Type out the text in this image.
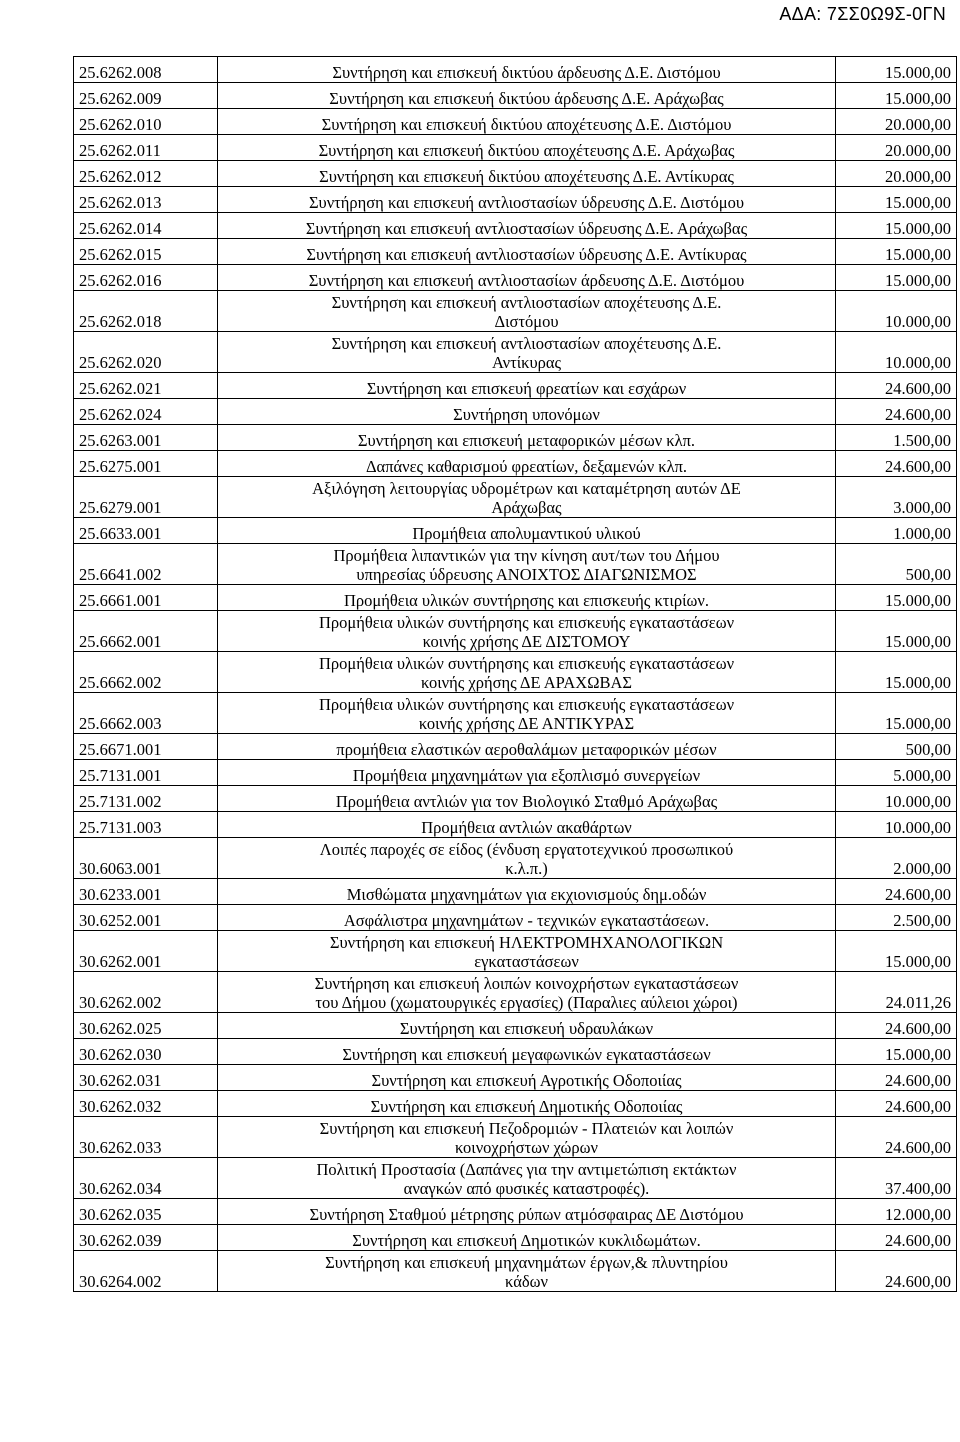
ΑΔΑ: 7ΣΣ0Ω9Σ-0ΓΝ
25.6262.008	Συντήρηση και επισκευή δικτύου άρδευσης Δ.Ε. Διστόμου	15.000,00
25.6262.009	Συντήρηση και επισκευή δικτύου άρδευσης Δ.Ε. Αράχωβας	15.000,00
25.6262.010	Συντήρηση και επισκευή δικτύου αποχέτευσης Δ.Ε. Διστόμου	20.000,00
25.6262.011	Συντήρηση και επισκευή δικτύου αποχέτευσης Δ.Ε. Αράχωβας	20.000,00
25.6262.012	Συντήρηση και επισκευή δικτύου αποχέτευσης Δ.Ε. Αντίκυρας	20.000,00
25.6262.013	Συντήρηση και επισκευή αντλιοστασίων ύδρευσης Δ.Ε. Διστόμου	15.000,00
25.6262.014	Συντήρηση και επισκευή αντλιοστασίων ύδρευσης Δ.Ε. Αράχωβας	15.000,00
25.6262.015	Συντήρηση και επισκευή αντλιοστασίων ύδρευσης Δ.Ε. Αντίκυρας	15.000,00
25.6262.016	Συντήρηση και επισκευή αντλιοστασίων άρδευσης Δ.Ε. Διστόμου	15.000,00
25.6262.018	Συντήρηση και επισκευή αντλιοστασίων αποχέτευσης Δ.Ε.
Διστόμου	10.000,00
25.6262.020	Συντήρηση και επισκευή αντλιοστασίων αποχέτευσης Δ.Ε.
Αντίκυρας	10.000,00
25.6262.021	Συντήρηση και επισκευή φρεατίων και εσχάρων	24.600,00
25.6262.024	Συντήρηση υπονόμων	24.600,00
25.6263.001	Συντήρηση και επισκευή μεταφορικών μέσων κλπ.	1.500,00
25.6275.001	Δαπάνες καθαρισμού φρεατίων, δεξαμενών κλπ.	24.600,00
25.6279.001	Αξιλόγηση λειτουργίας υδρομέτρων και καταμέτρηση αυτών ΔΕ
Αράχωβας	3.000,00
25.6633.001	Προμήθεια απολυμαντικού υλικού	1.000,00
25.6641.002	Προμήθεια λιπαντικών για την κίνηση αυτ/των του Δήμου
υπηρεσίας ύδρευσης ΑΝΟΙΧΤΟΣ ΔΙΑΓΩΝΙΣΜΟΣ	500,00
25.6661.001	Προμήθεια υλικών συντήρησης και επισκευής κτιρίων.	15.000,00
25.6662.001	Προμήθεια υλικών συντήρησης και επισκευής εγκαταστάσεων
κοινής χρήσης ΔΕ ΔΙΣΤΟΜΟΥ	15.000,00
25.6662.002	Προμήθεια υλικών συντήρησης και επισκευής εγκαταστάσεων
κοινής χρήσης ΔΕ ΑΡΑΧΩΒΑΣ	15.000,00
25.6662.003	Προμήθεια υλικών συντήρησης και επισκευής εγκαταστάσεων
κοινής χρήσης ΔΕ ΑΝΤΙΚΥΡΑΣ	15.000,00
25.6671.001	προμήθεια ελαστικών αεροθαλάμων μεταφορικών μέσων	500,00
25.7131.001	Προμήθεια μηχανημάτων για εξοπλισμό συνεργείων	5.000,00
25.7131.002	Προμήθεια αντλιών για τον Βιολογικό Σταθμό Αράχωβας	10.000,00
25.7131.003	Προμήθεια αντλιών ακαθάρτων	10.000,00
30.6063.001	Λοιπές παροχές σε είδος (ένδυση εργατοτεχνικού προσωπικού
κ.λ.π.)	2.000,00
30.6233.001	Μισθώματα μηχανημάτων για εκχιονισμούς δημ.οδών	24.600,00
30.6252.001	Ασφάλιστρα μηχανημάτων - τεχνικών εγκαταστάσεων.	2.500,00
30.6262.001	Συντήρηση και επισκευή ΗΛΕΚΤΡΟΜΗΧΑΝΟΛΟΓΙΚΩΝ
εγκαταστάσεων	15.000,00
30.6262.002	Συντήρηση και επισκευή λοιπών κοινοχρήστων εγκαταστάσεων
του Δήμου (χωματουργικές εργασίες) (Παραλιες αύλειοι χώροι)	24.011,26
30.6262.025	Συντήρηση και επισκευή υδραυλάκων	24.600,00
30.6262.030	Συντήρηση και επισκευή μεγαφωνικών εγκαταστάσεων	15.000,00
30.6262.031	Συντήρηση και επισκευή Αγροτικής Οδοποιίας	24.600,00
30.6262.032	Συντήρηση και επισκευή Δημοτικής Οδοποιίας	24.600,00
30.6262.033	Συντήρηση και επισκευή Πεζοδρομιών - Πλατειών και λοιπών
κοινοχρήστων χώρων	24.600,00
30.6262.034	Πολιτική Προστασία (Δαπάνες για την αντιμετώπιση εκτάκτων
αναγκών από φυσικές καταστροφές).	37.400,00
30.6262.035	Συντήρηση Σταθμού μέτρησης ρύπων ατμόσφαιρας ΔΕ Διστόμου	12.000,00
30.6262.039	Συντήρηση και επισκευή Δημοτικών κυκλιδωμάτων.	24.600,00
30.6264.002	Συντήρηση και επισκευή μηχανημάτων έργων,& πλυντηρίου
κάδων	24.600,00
